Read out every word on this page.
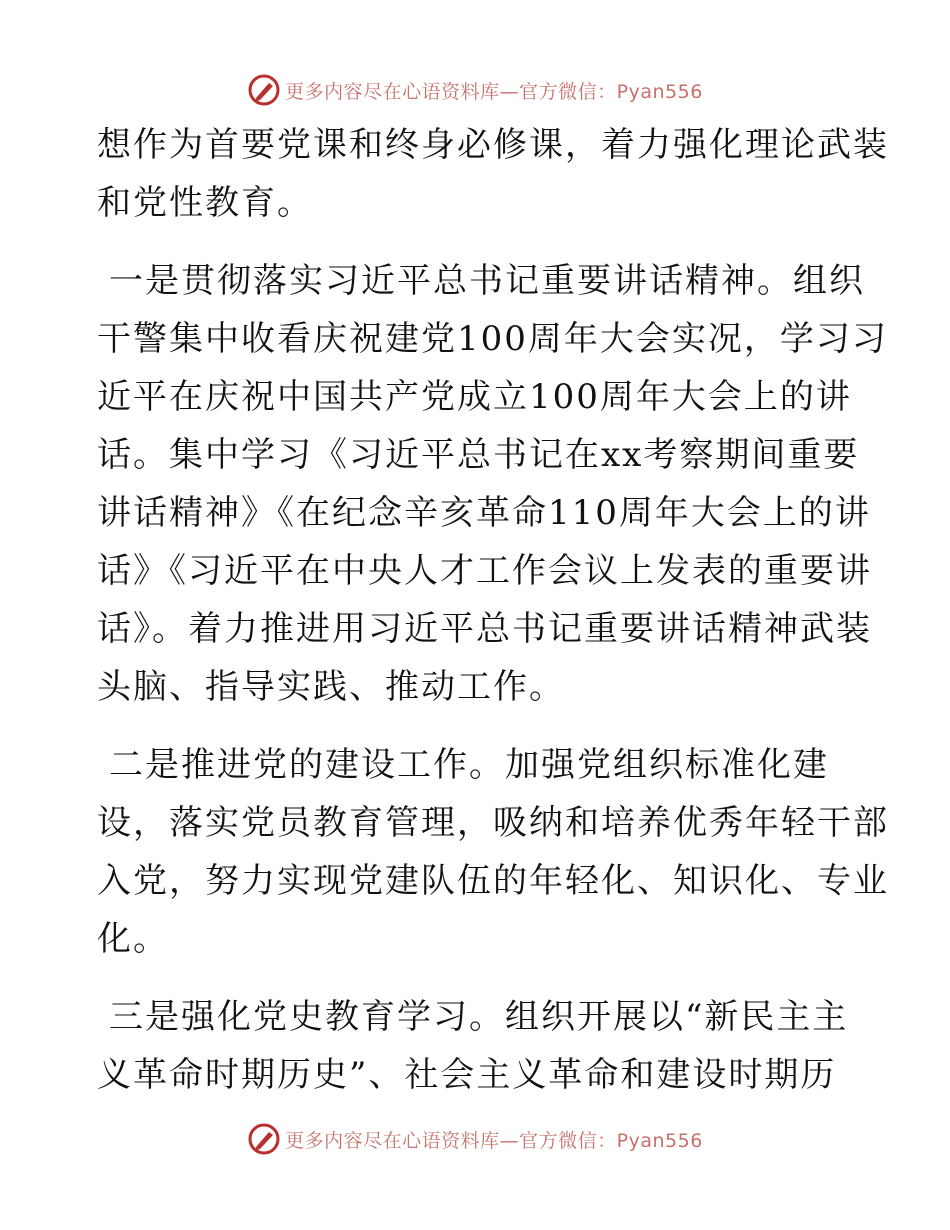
更多内容尽在心语资料库—官方微信：Pyan556

想作为首要党课和终身必修课，着力强化理论武装
和党性教育。

一是贯彻落实习近平总书记重要讲话精神。组织
干警集中收看庆祝建党100周年大会实况，学习习
近平在庆祝中国共产党成立100周年大会上的讲
话。集中学习《习近平总书记在xx考察期间重要
讲话精神》《在纪念辛亥革命110周年大会上的讲
话》《习近平在中央人才工作会议上发表的重要讲
话》。着力推进用习近平总书记重要讲话精神武装
头脑、指导实践、推动工作。

二是推进党的建设工作。加强党组织标准化建
设，落实党员教育管理，吸纳和培养优秀年轻干部
入党，努力实现党建队伍的年轻化、知识化、专业
化。

三是强化党史教育学习。组织开展以“新民主主
义革命时期历史”、社会主义革命和建设时期历

更多内容尽在心语资料库—官方微信：Pyan556
